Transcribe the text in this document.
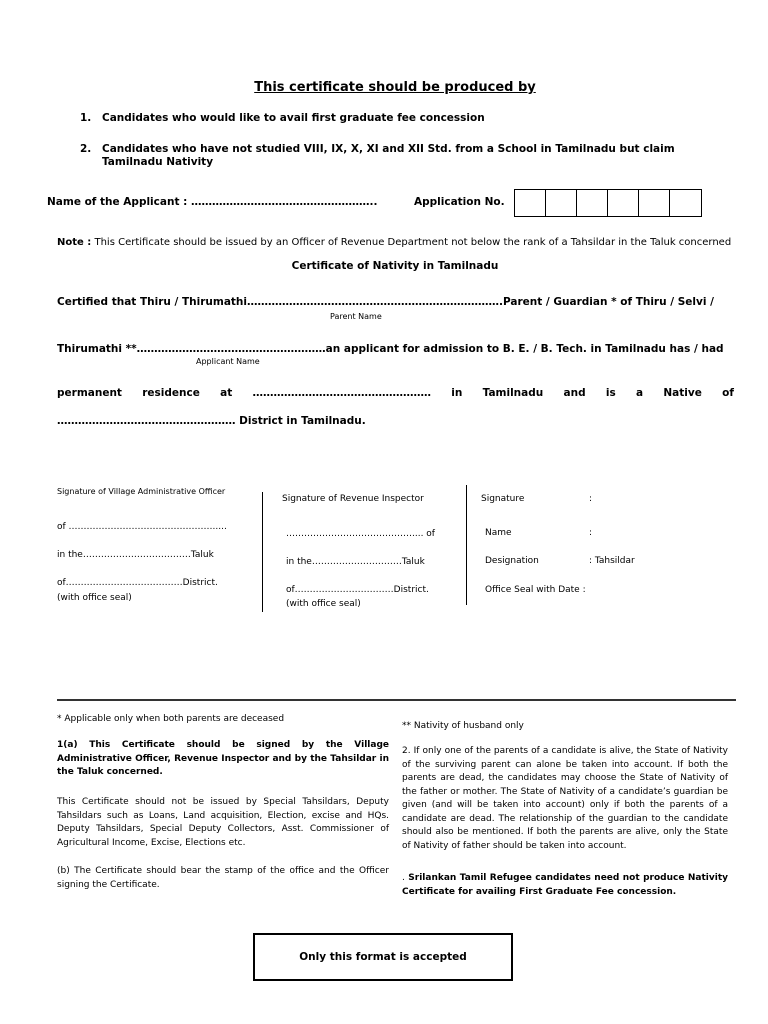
This certificate should be produced by
1. Candidates who would like to avail first graduate fee concession
2. Candidates who have not studied VIII, IX, X, XI and XII Std. from a School in Tamilnadu but claim Tamilnadu Nativity
Name of the Applicant : ……………………………………………..	Application No.
Note : This Certificate should be issued by an Officer of Revenue Department not below the rank of a Tahsildar in the Taluk concerned
Certificate of Nativity in Tamilnadu
Certified that Thiru / Thirumathi……………………………………………………………….Parent / Guardian * of Thiru / Selvi /
Parent Name
Thirumathi **………………………………………………an applicant for admission to B. E. / B. Tech. in Tamilnadu has / had
Applicant Name
permanent residence at …………………………………………… in Tamilnadu and is a Native of
…………………………………………… District in Tamilnadu.
Signature of Village Administrative Officer
of ………………………………………….....
in the………………………………Taluk
of…………………………………District.
(with office seal)
Signature of Revenue Inspector
…………………………………….... of
in the…………………………Taluk
of……………………………District.
(with office seal)
Signature	:
Name	:
Designation	: Tahsildar
Office Seal with Date :
* Applicable only when both parents are deceased
1(a) This Certificate should be signed by the Village Administrative Officer, Revenue Inspector and by the Tahsildar in the Taluk concerned.
This Certificate should not be issued by Special Tahsildars, Deputy Tahsildars such as Loans, Land acquisition, Election, excise and HQs. Deputy Tahsildars, Special Deputy Collectors, Asst. Commissioner of Agricultural Income, Excise, Elections etc.
(b) The Certificate should bear the stamp of the office and the Officer signing the Certificate.
** Nativity of husband only
2. If only one of the parents of a candidate is alive, the State of Nativity of the surviving parent can alone be taken into account. If both the parents are dead, the candidates may choose the State of Nativity of the father or mother. The State of Nativity of a candidate’s guardian be given (and will be taken into account) only if both the parents of a candidate are dead. The relationship of the guardian to the candidate should also be mentioned. If both the parents are alive, only the State of Nativity of father should be taken into account.
. Srilankan Tamil Refugee candidates need not produce Nativity Certificate for availing First Graduate Fee concession.
Only this format is accepted
